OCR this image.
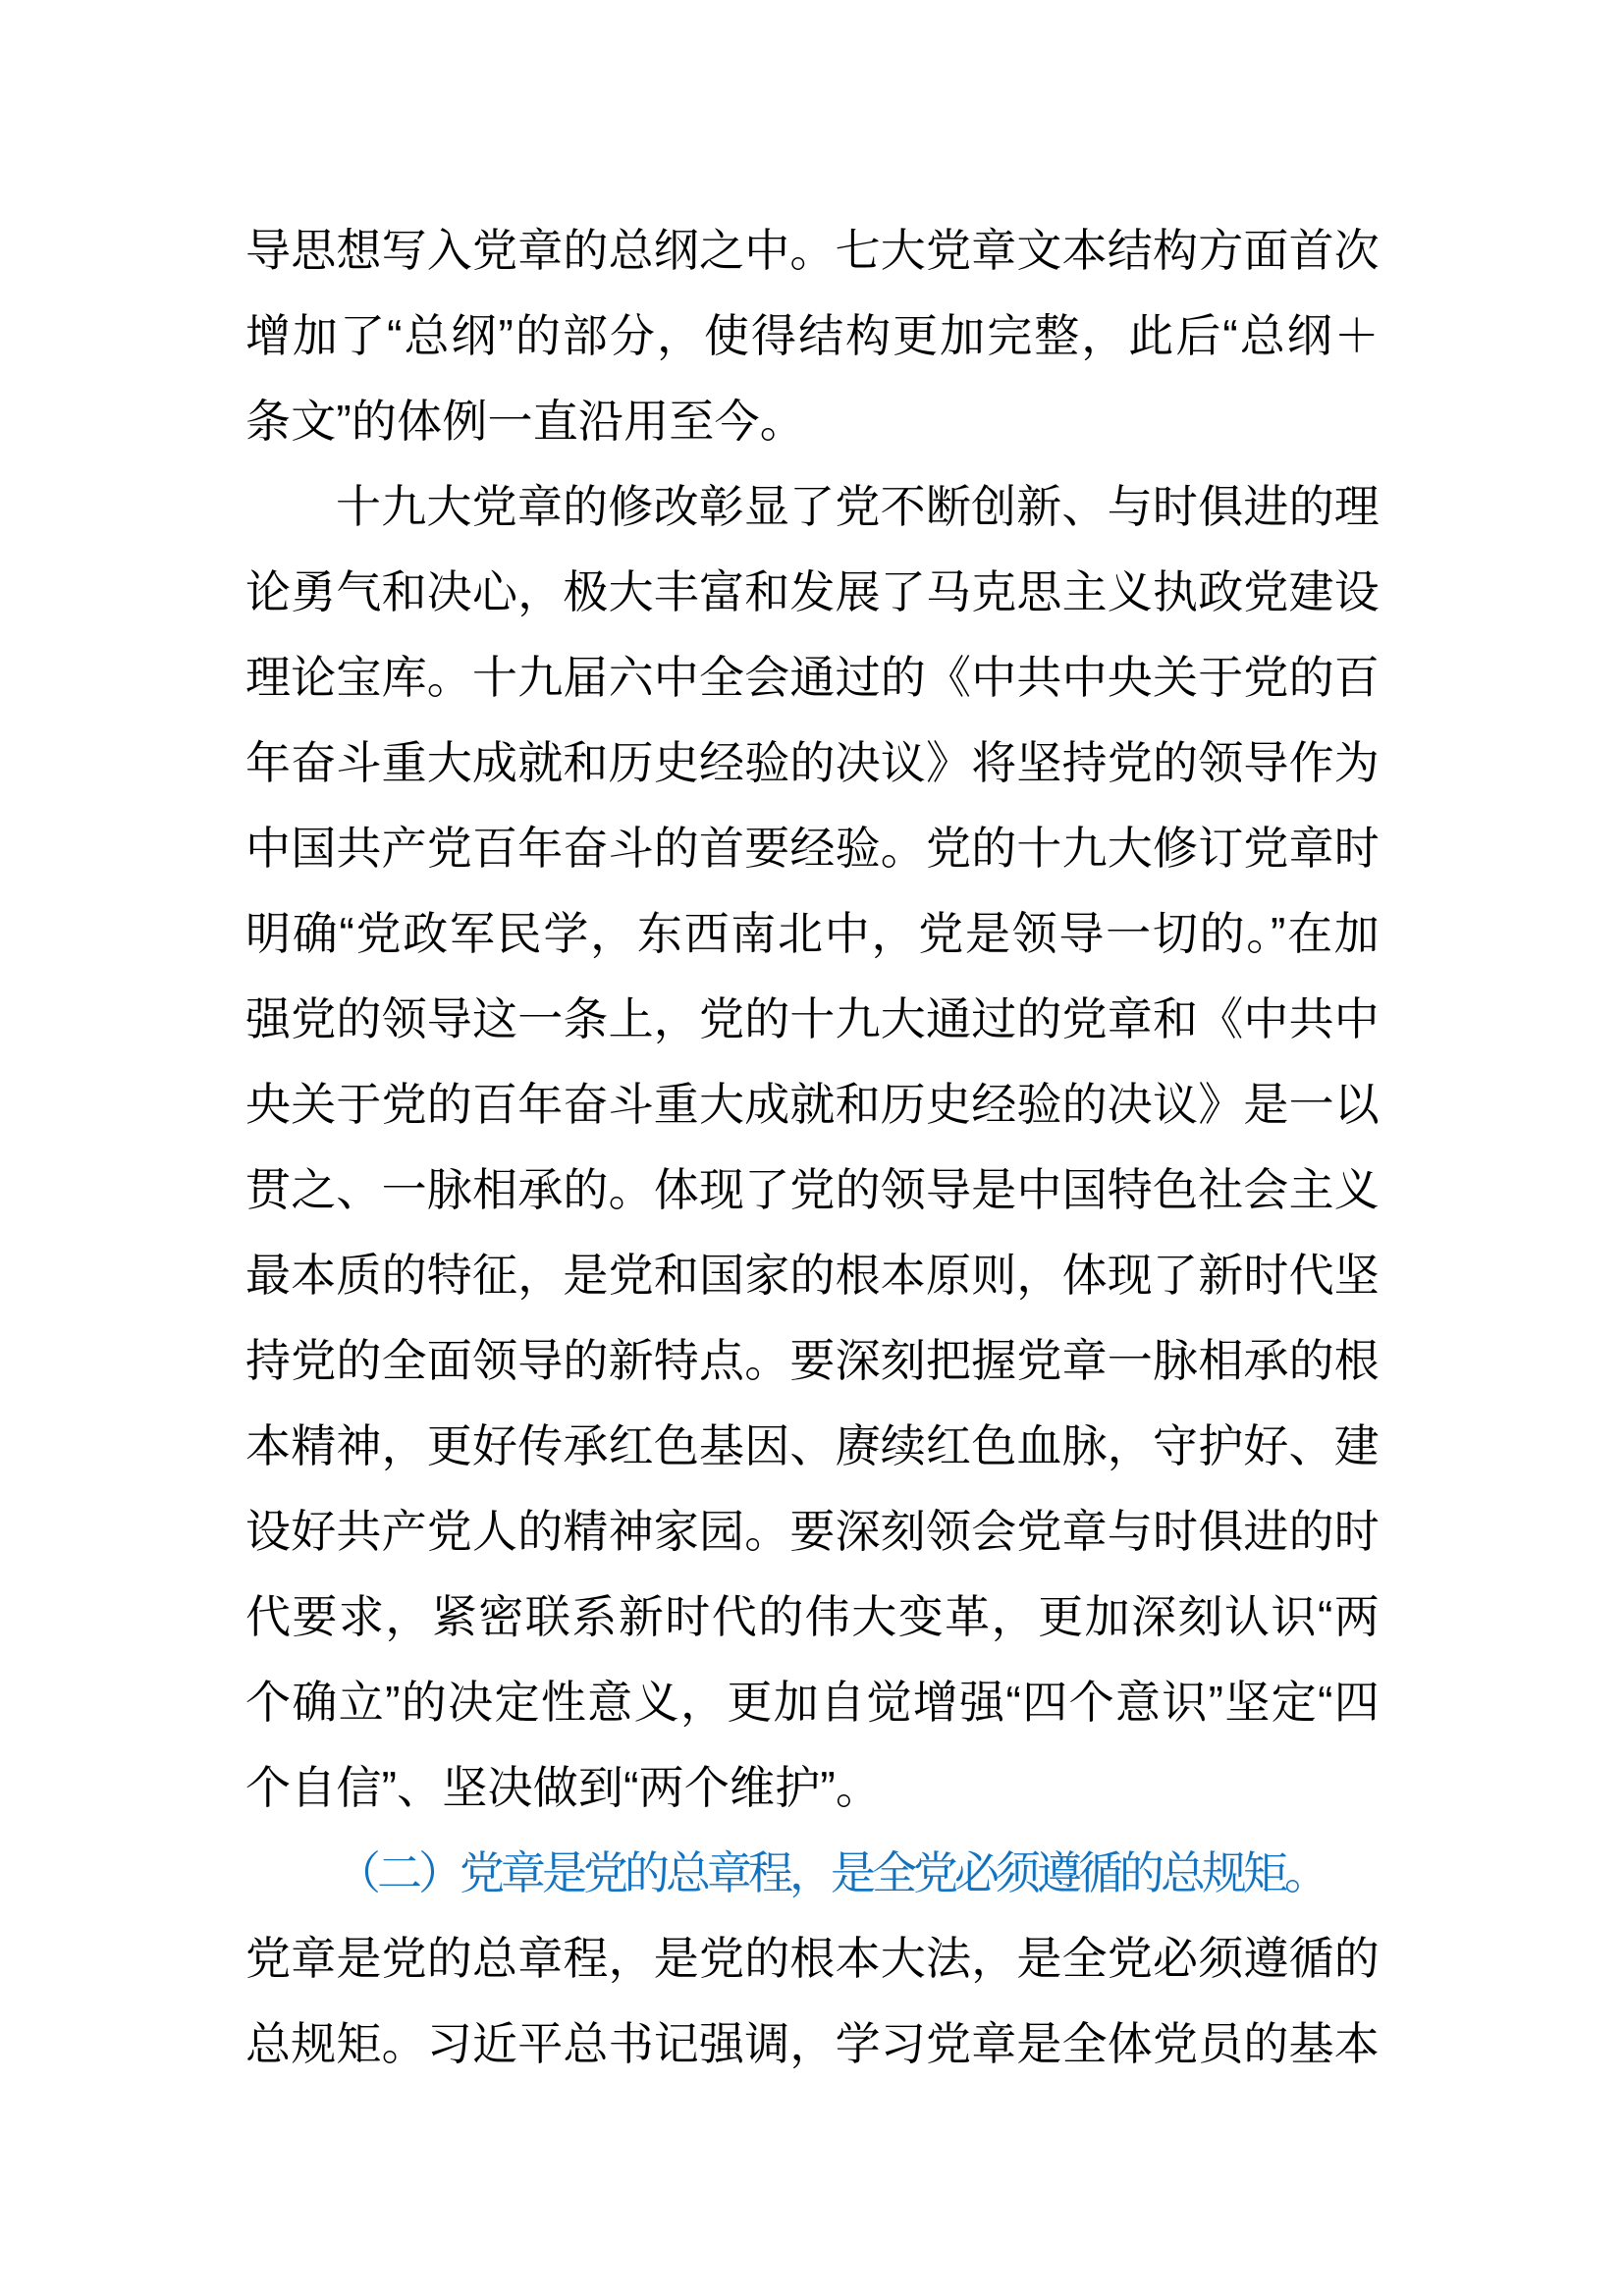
导思想写入党章的总纲之中。七大党章文本结构方面首次增加了“总纲”的部分，使得结构更加完整，此后“总纲＋条文”的体例一直沿用至今。

十九大党章的修改彰显了党不断创新、与时俱进的理论勇气和决心，极大丰富和发展了马克思主义执政党建设理论宝库。十九届六中全会通过的《中共中央关于党的百年奋斗重大成就和历史经验的决议》将坚持党的领导作为中国共产党百年奋斗的首要经验。党的十九大修订党章时明确“党政军民学，东西南北中，党是领导一切的。”在加强党的领导这一条上，党的十九大通过的党章和《中共中央关于党的百年奋斗重大成就和历史经验的决议》是一以贯之、一脉相承的。体现了党的领导是中国特色社会主义最本质的特征，是党和国家的根本原则，体现了新时代坚持党的全面领导的新特点。要深刻把握党章一脉相承的根本精神，更好传承红色基因、赓续红色血脉，守护好、建设好共产党人的精神家园。要深刻领会党章与时俱进的时代要求，紧密联系新时代的伟大变革，更加深刻认识“两个确立”的决定性意义，更加自觉增强“四个意识”坚定“四个自信”、坚决做到“两个维护”。

（二）党章是党的总章程，是全党必须遵循的总规矩。

党章是党的总章程，是党的根本大法，是全党必须遵循的总规矩。习近平总书记强调，学习党章是全体党员的基本
